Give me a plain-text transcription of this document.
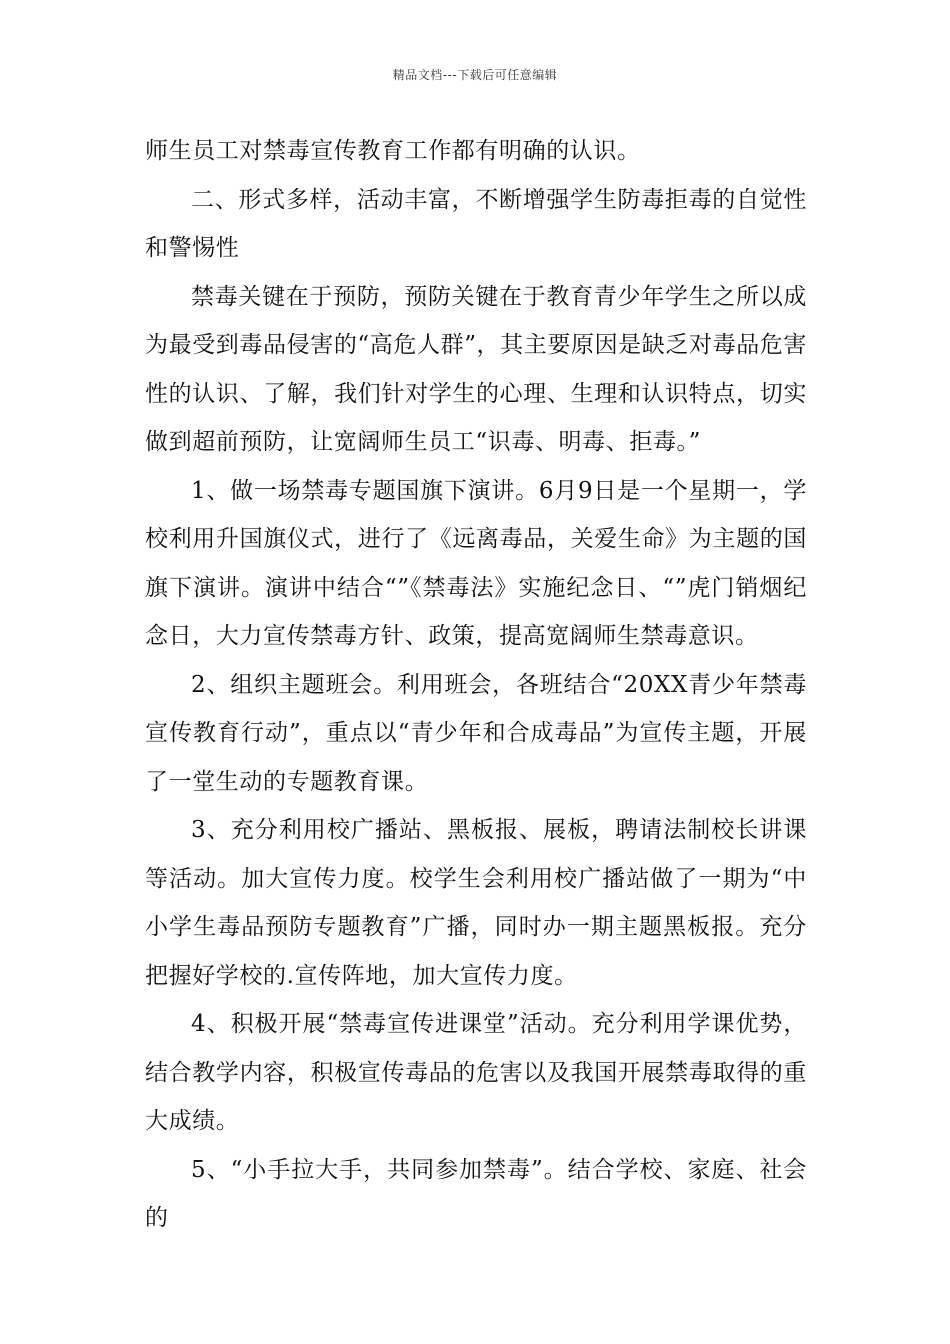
精品文档---下载后可任意编辑

师生员工对禁毒宣传教育工作都有明确的认识。

二、形式多样，活动丰富，不断增强学生防毒拒毒的自觉性和警惕性

禁毒关键在于预防，预防关键在于教育青少年学生之所以成为最受到毒品侵害的“高危人群”，其主要原因是缺乏对毒品危害性的认识、了解，我们针对学生的心理、生理和认识特点，切实做到超前预防，让宽阔师生员工“识毒、明毒、拒毒。”

1、做一场禁毒专题国旗下演讲。6月9日是一个星期一，学校利用升国旗仪式，进行了《远离毒品，关爱生命》为主题的国旗下演讲。演讲中结合“”《禁毒法》实施纪念日、“”虎门销烟纪念日，大力宣传禁毒方针、政策，提高宽阔师生禁毒意识。

2、组织主题班会。利用班会，各班结合“20XX青少年禁毒宣传教育行动”，重点以“青少年和合成毒品”为宣传主题，开展了一堂生动的专题教育课。

3、充分利用校广播站、黑板报、展板，聘请法制校长讲课等活动。加大宣传力度。校学生会利用校广播站做了一期为“中小学生毒品预防专题教育”广播，同时办一期主题黑板报。充分把握好学校的.宣传阵地，加大宣传力度。

4、积极开展“禁毒宣传进课堂”活动。充分利用学课优势，结合教学内容，积极宣传毒品的危害以及我国开展禁毒取得的重大成绩。

5、“小手拉大手，共同参加禁毒”。结合学校、家庭、社会的
